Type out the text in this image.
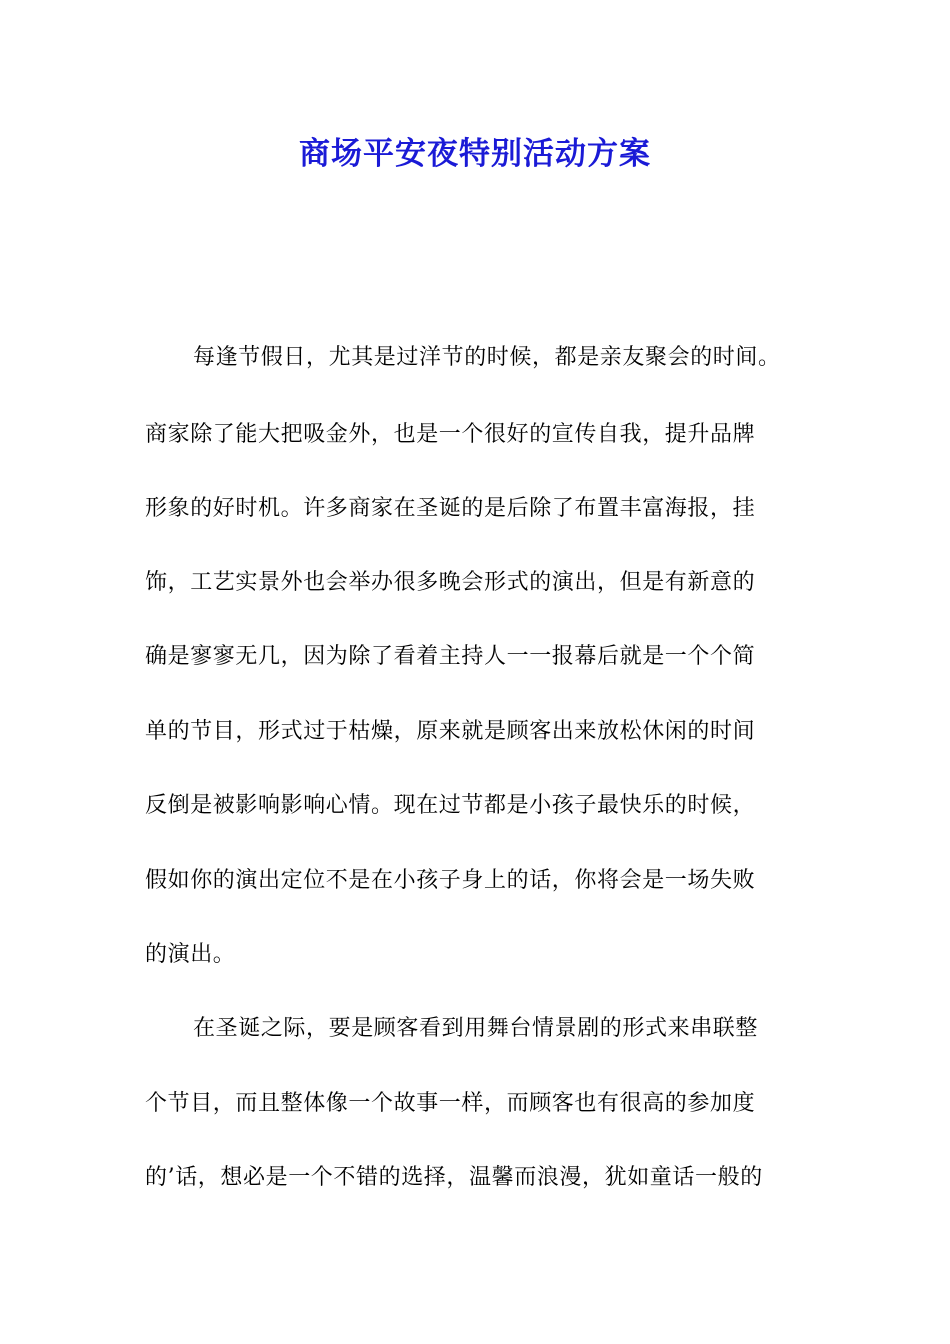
商场平安夜特别活动方案
每逢节假日，尤其是过洋节的时候，都是亲友聚会的时间。
商家除了能大把吸金外，也是一个很好的宣传自我，提升品牌
形象的好时机。许多商家在圣诞的是后除了布置丰富海报，挂
饰，工艺实景外也会举办很多晚会形式的演出，但是有新意的
确是寥寥无几，因为除了看着主持人一一报幕后就是一个个简
单的节目，形式过于枯燥，原来就是顾客出来放松休闲的时间
反倒是被影响影响心情。现在过节都是小孩子最快乐的时候，
假如你的演出定位不是在小孩子身上的话，你将会是一场失败
的演出。
在圣诞之际，要是顾客看到用舞台情景剧的形式来串联整
个节目，而且整体像一个故事一样，而顾客也有很高的参加度
的’话，想必是一个不错的选择，温馨而浪漫，犹如童话一般的
